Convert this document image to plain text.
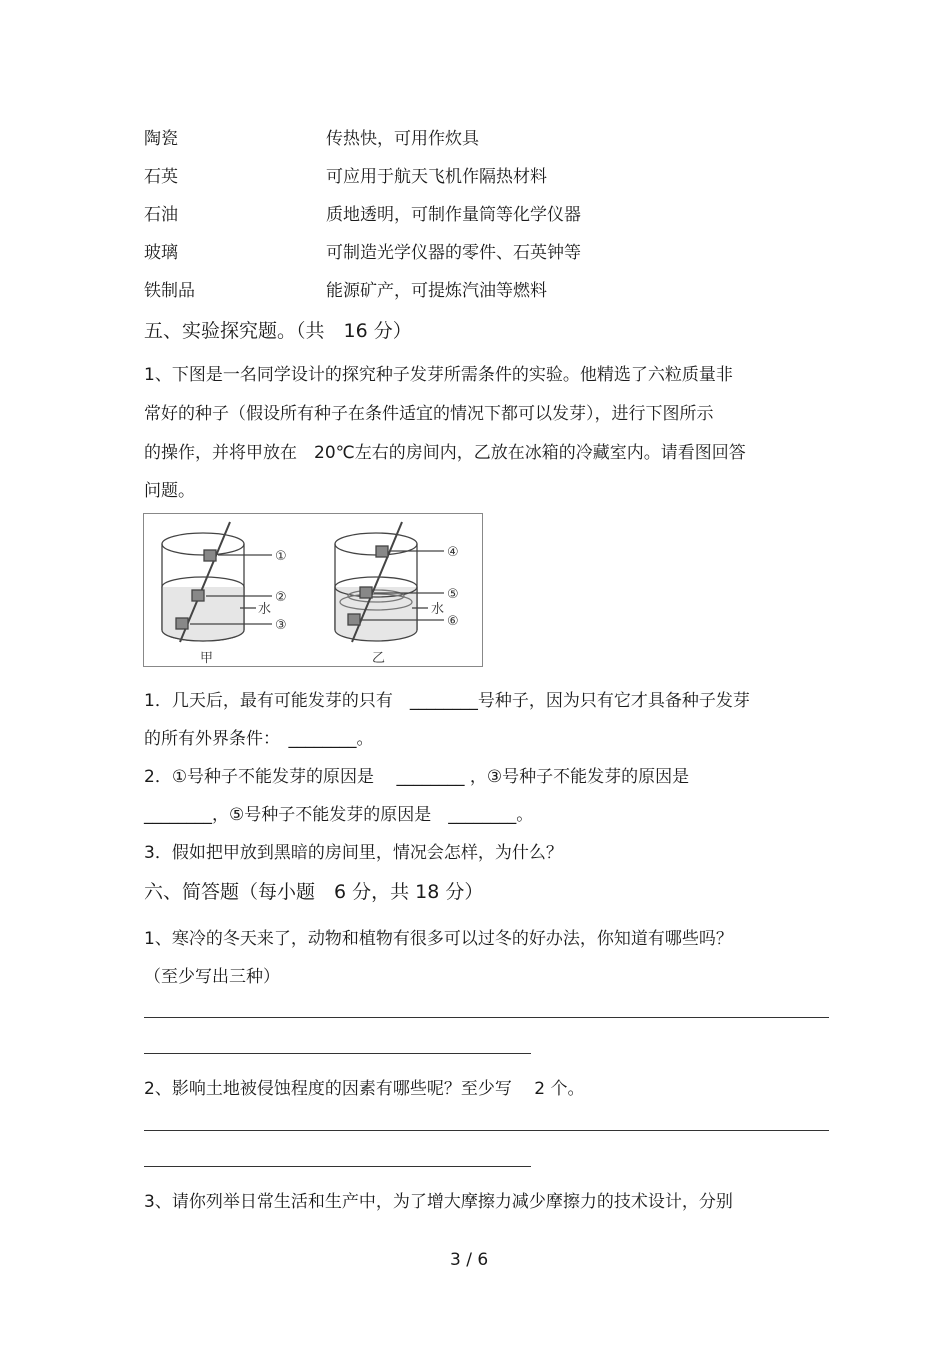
陶瓷
石英
石油
玻璃
铁制品
传热快，可用作炊具
可应用于航天飞机作隔热材料
质地透明，可制作量筒等化学仪器
可制造光学仪器的零件、石英钟等
能源矿产，可提炼汽油等燃料
五、实验探究题。（共　16 分）
1、下图是一名同学设计的探究种子发芽所需条件的实验。他精选了六粒质量非
常好的种子（假设所有种子在条件适宜的情况下都可以发芽），进行下图所示
的操作，并将甲放在　20℃左右的房间内，乙放在冰箱的冷藏室内。请看图回答
问题。
①
②
水
③
④
⑤
水
⑥
甲	乙
1．几天后，最有可能发芽的只有　________号种子，因为只有它才具备种子发芽
的所有外界条件：　________。
2．①号种子不能发芽的原因是　 ________ ，③号种子不能发芽的原因是
________，⑤号种子不能发芽的原因是　________。
3．假如把甲放到黑暗的房间里，情况会怎样，为什么？
六、简答题（每小题　6 分，共 18 分）
1、寒冷的冬天来了，动物和植物有很多可以过冬的好办法，你知道有哪些吗？
（至少写出三种）
2、影响土地被侵蚀程度的因素有哪些呢？至少写　 2 个。
3、请你列举日常生活和生产中，为了增大摩擦力减少摩擦力的技术设计，分别
3 / 6
